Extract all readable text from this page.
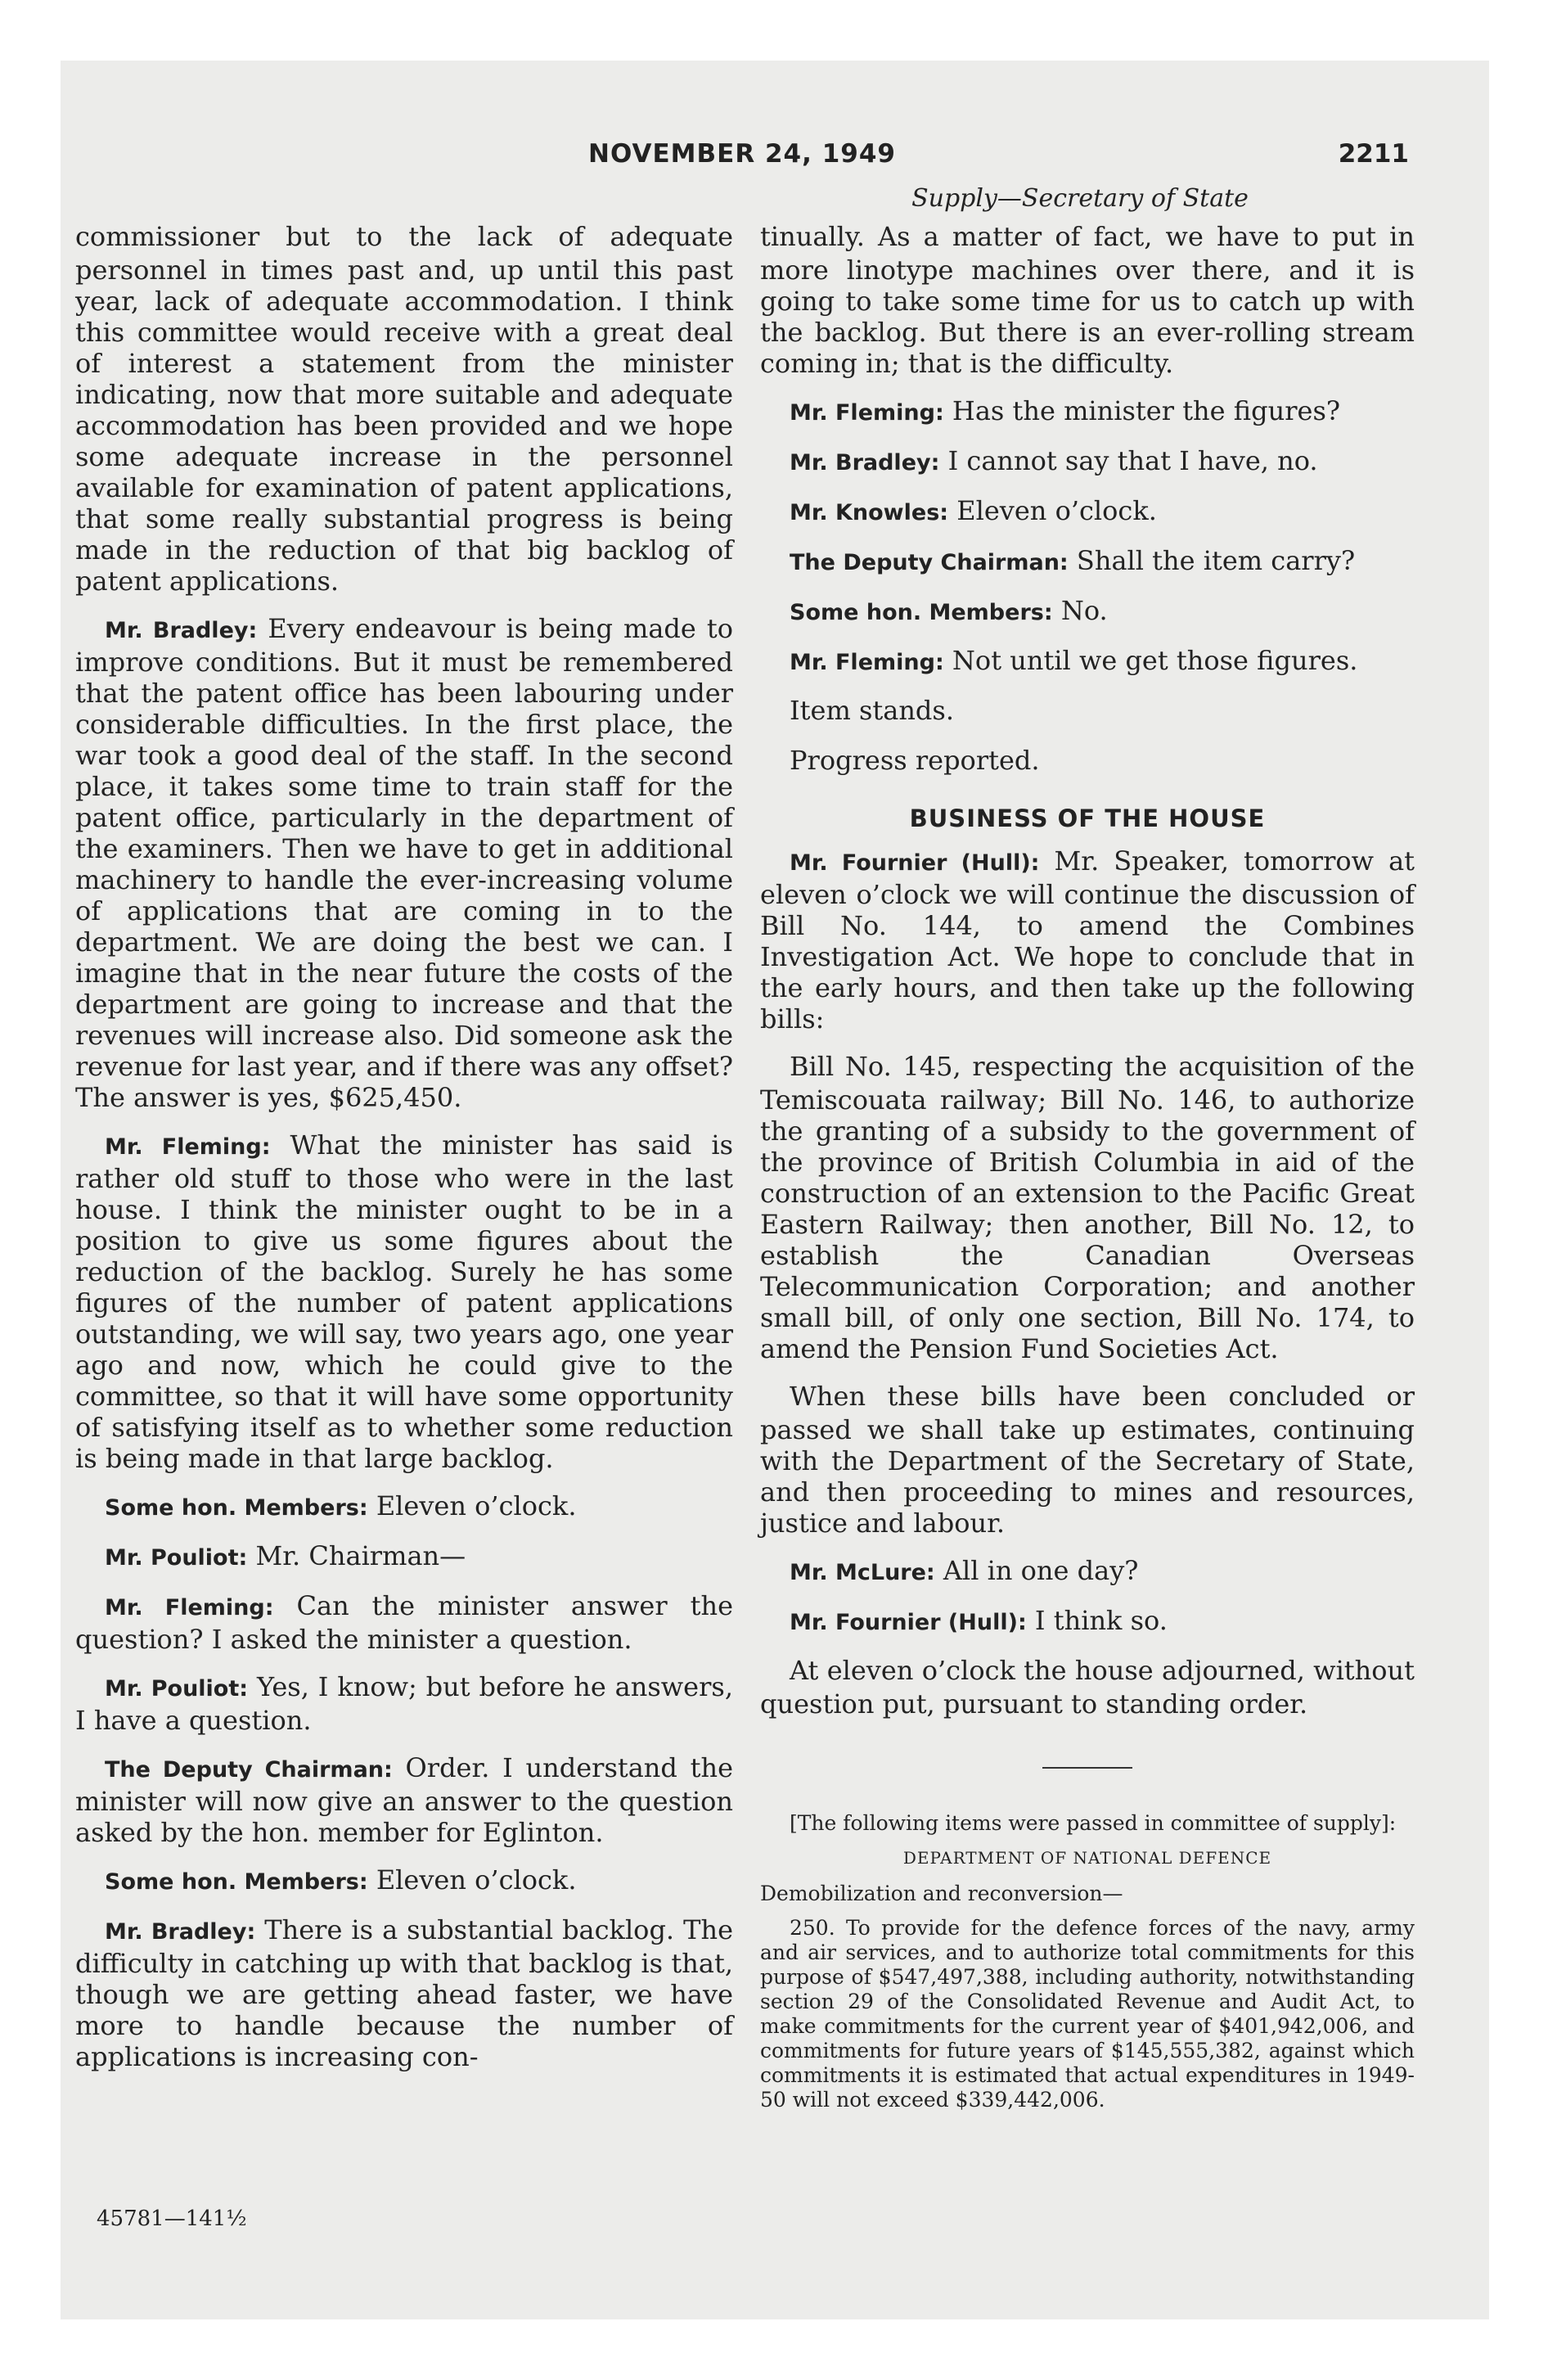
NOVEMBER 24, 1949	2211
Supply—Secretary of State

commissioner but to the lack of adequate personnel in times past and, up until this past year, lack of adequate accommodation. I think this committee would receive with a great deal of interest a statement from the minister indicating, now that more suitable and adequate accommodation has been provided and we hope some adequate increase in the personnel available for examination of patent applications, that some really substantial progress is being made in the reduction of that big backlog of patent applications.

Mr. Bradley: Every endeavour is being made to improve conditions. But it must be remembered that the patent office has been labouring under considerable difficulties. In the first place, the war took a good deal of the staff. In the second place, it takes some time to train staff for the patent office, particularly in the department of the examiners. Then we have to get in additional machinery to handle the ever-increasing volume of applications that are coming in to the department. We are doing the best we can. I imagine that in the near future the costs of the department are going to increase and that the revenues will increase also. Did someone ask the revenue for last year, and if there was any offset? The answer is yes, $625,450.

Mr. Fleming: What the minister has said is rather old stuff to those who were in the last house. I think the minister ought to be in a position to give us some figures about the reduction of the backlog. Surely he has some figures of the number of patent applications outstanding, we will say, two years ago, one year ago and now, which he could give to the committee, so that it will have some opportunity of satisfying itself as to whether some reduction is being made in that large backlog.

Some hon. Members: Eleven o’clock.

Mr. Pouliot: Mr. Chairman—

Mr. Fleming: Can the minister answer the question? I asked the minister a question.

Mr. Pouliot: Yes, I know; but before he answers, I have a question.

The Deputy Chairman: Order. I understand the minister will now give an answer to the question asked by the hon. member for Eglinton.

Some hon. Members: Eleven o’clock.

Mr. Bradley: There is a substantial backlog. The difficulty in catching up with that backlog is that, though we are getting ahead faster, we have more to handle because the number of applications is increasing con-

tinually. As a matter of fact, we have to put in more linotype machines over there, and it is going to take some time for us to catch up with the backlog. But there is an ever-rolling stream coming in; that is the difficulty.

Mr. Fleming: Has the minister the figures?

Mr. Bradley: I cannot say that I have, no.

Mr. Knowles: Eleven o’clock.

The Deputy Chairman: Shall the item carry?

Some hon. Members: No.

Mr. Fleming: Not until we get those figures.

Item stands.

Progress reported.

BUSINESS OF THE HOUSE

Mr. Fournier (Hull): Mr. Speaker, tomorrow at eleven o’clock we will continue the discussion of Bill No. 144, to amend the Combines Investigation Act. We hope to conclude that in the early hours, and then take up the following bills:

Bill No. 145, respecting the acquisition of the Temiscouata railway; Bill No. 146, to authorize the granting of a subsidy to the government of the province of British Columbia in aid of the construction of an extension to the Pacific Great Eastern Railway; then another, Bill No. 12, to establish the Canadian Overseas Telecommunication Corporation; and another small bill, of only one section, Bill No. 174, to amend the Pension Fund Societies Act.

When these bills have been concluded or passed we shall take up estimates, continuing with the Department of the Secretary of State, and then proceeding to mines and resources, justice and labour.

Mr. McLure: All in one day?

Mr. Fournier (Hull): I think so.

At eleven o’clock the house adjourned, without question put, pursuant to standing order.

[The following items were passed in committee of supply]:

DEPARTMENT OF NATIONAL DEFENCE

Demobilization and reconversion—

250. To provide for the defence forces of the navy, army and air services, and to authorize total commitments for this purpose of $547,497,388, including authority, notwithstanding section 29 of the Consolidated Revenue and Audit Act, to make commitments for the current year of $401,942,006, and commitments for future years of $145,555,382, against which commitments it is estimated that actual expenditures in 1949-50 will not exceed $339,442,006.

45781—141½
